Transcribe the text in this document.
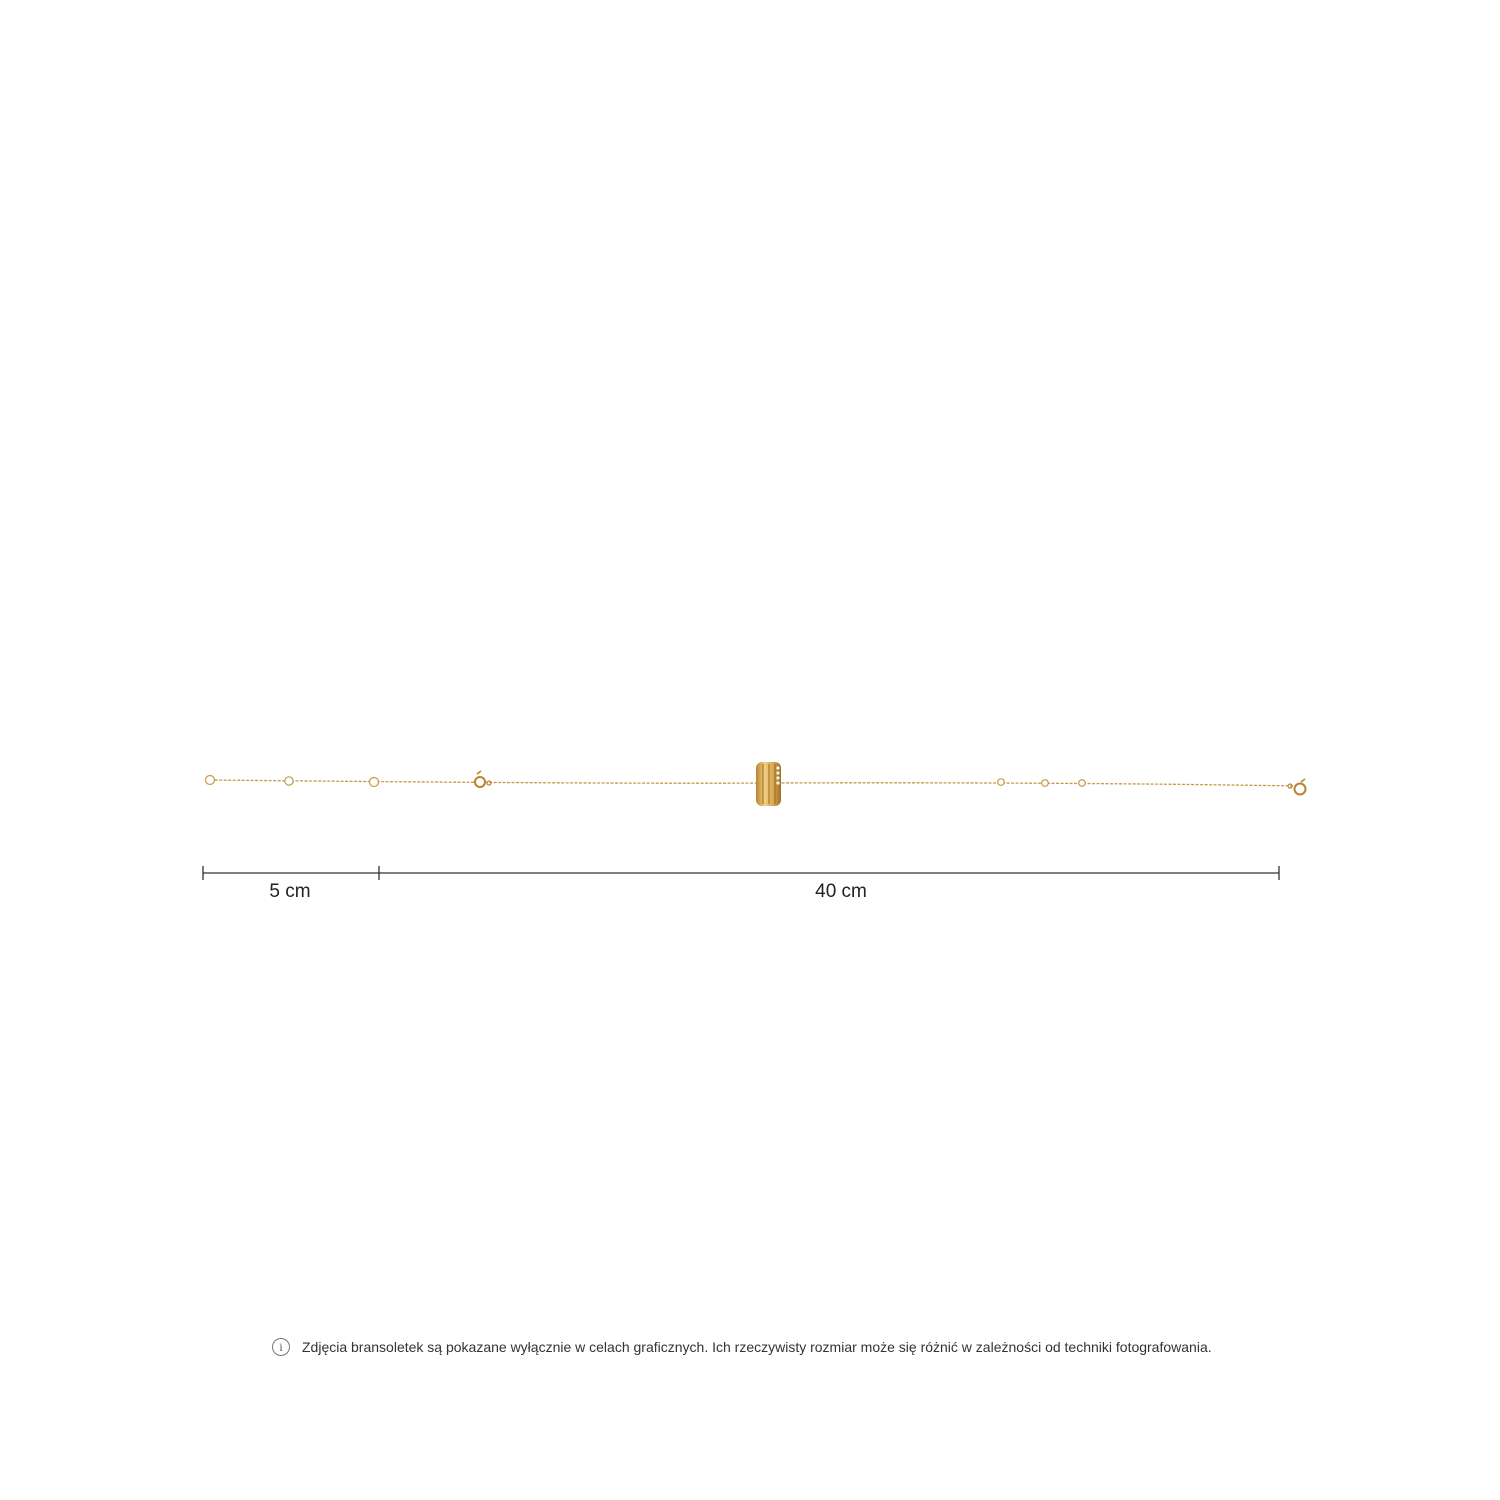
5 cm	40 cm
i	Zdjęcia bransoletek są pokazane wyłącznie w celach graficznych. Ich rzeczywisty rozmiar może się różnić w zależności od techniki fotografowania.
